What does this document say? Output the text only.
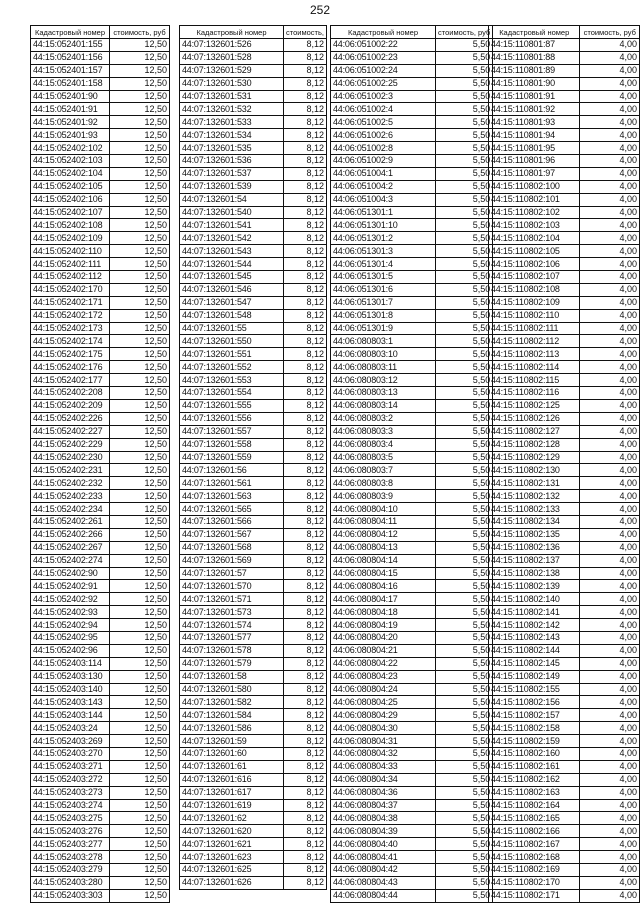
252
Кадастровый номер	стоимость, руб
44:15:052401:155	12,50
44:15:052401:156	12,50
44:15:052401:157	12,50
44:15:052401:158	12,50
44:15:052401:90	12,50
44:15:052401:91	12,50
44:15:052401:92	12,50
44:15:052401:93	12,50
44:15:052402:102	12,50
44:15:052402:103	12,50
44:15:052402:104	12,50
44:15:052402:105	12,50
44:15:052402:106	12,50
44:15:052402:107	12,50
44:15:052402:108	12,50
44:15:052402:109	12,50
44:15:052402:110	12,50
44:15:052402:111	12,50
44:15:052402:112	12,50
44:15:052402:170	12,50
44:15:052402:171	12,50
44:15:052402:172	12,50
44:15:052402:173	12,50
44:15:052402:174	12,50
44:15:052402:175	12,50
44:15:052402:176	12,50
44:15:052402:177	12,50
44:15:052402:208	12,50
44:15:052402:209	12,50
44:15:052402:226	12,50
44:15:052402:227	12,50
44:15:052402:229	12,50
44:15:052402:230	12,50
44:15:052402:231	12,50
44:15:052402:232	12,50
44:15:052402:233	12,50
44:15:052402:234	12,50
44:15:052402:261	12,50
44:15:052402:266	12,50
44:15:052402:267	12,50
44:15:052402:274	12,50
44:15:052402:90	12,50
44:15:052402:91	12,50
44:15:052402:92	12,50
44:15:052402:93	12,50
44:15:052402:94	12,50
44:15:052402:95	12,50
44:15:052402:96	12,50
44:15:052403:114	12,50
44:15:052403:130	12,50
44:15:052403:140	12,50
44:15:052403:143	12,50
44:15:052403:144	12,50
44:15:052403:24	12,50
44:15:052403:269	12,50
44:15:052403:270	12,50
44:15:052403:271	12,50
44:15:052403:272	12,50
44:15:052403:273	12,50
44:15:052403:274	12,50
44:15:052403:275	12,50
44:15:052403:276	12,50
44:15:052403:277	12,50
44:15:052403:278	12,50
44:15:052403:279	12,50
44:15:052403:280	12,50
44:15:052403:303	12,50
Кадастровый номер	стоимость,
44:07:132601:526	8,12
44:07:132601:528	8,12
44:07:132601:529	8,12
44:07:132601:530	8,12
44:07:132601:531	8,12
44:07:132601:532	8,12
44:07:132601:533	8,12
44:07:132601:534	8,12
44:07:132601:535	8,12
44:07:132601:536	8,12
44:07:132601:537	8,12
44:07:132601:539	8,12
44:07:132601:54	8,12
44:07:132601:540	8,12
44:07:132601:541	8,12
44:07:132601:542	8,12
44:07:132601:543	8,12
44:07:132601:544	8,12
44:07:132601:545	8,12
44:07:132601:546	8,12
44:07:132601:547	8,12
44:07:132601:548	8,12
44:07:132601:55	8,12
44:07:132601:550	8,12
44:07:132601:551	8,12
44:07:132601:552	8,12
44:07:132601:553	8,12
44:07:132601:554	8,12
44:07:132601:555	8,12
44:07:132601:556	8,12
44:07:132601:557	8,12
44:07:132601:558	8,12
44:07:132601:559	8,12
44:07:132601:56	8,12
44:07:132601:561	8,12
44:07:132601:563	8,12
44:07:132601:565	8,12
44:07:132601:566	8,12
44:07:132601:567	8,12
44:07:132601:568	8,12
44:07:132601:569	8,12
44:07:132601:57	8,12
44:07:132601:570	8,12
44:07:132601:571	8,12
44:07:132601:573	8,12
44:07:132601:574	8,12
44:07:132601:577	8,12
44:07:132601:578	8,12
44:07:132601:579	8,12
44:07:132601:58	8,12
44:07:132601:580	8,12
44:07:132601:582	8,12
44:07:132601:584	8,12
44:07:132601:586	8,12
44:07:132601:59	8,12
44:07:132601:60	8,12
44:07:132601:61	8,12
44:07:132601:616	8,12
44:07:132601:617	8,12
44:07:132601:619	8,12
44:07:132601:62	8,12
44:07:132601:620	8,12
44:07:132601:621	8,12
44:07:132601:623	8,12
44:07:132601:625	8,12
44:07:132601:626	8,12
Кадастровый номер	стоимость, руб
44:06:051002:22	5,50
44:06:051002:23	5,50
44:06:051002:24	5,50
44:06:051002:25	5,50
44:06:051002:3	5,50
44:06:051002:4	5,50
44:06:051002:5	5,50
44:06:051002:6	5,50
44:06:051002:8	5,50
44:06:051002:9	5,50
44:06:051004:1	5,50
44:06:051004:2	5,50
44:06:051004:3	5,50
44:06:051301:1	5,50
44:06:051301:10	5,50
44:06:051301:2	5,50
44:06:051301:3	5,50
44:06:051301:4	5,50
44:06:051301:5	5,50
44:06:051301:6	5,50
44:06:051301:7	5,50
44:06:051301:8	5,50
44:06:051301:9	5,50
44:06:080803:1	5,50
44:06:080803:10	5,50
44:06:080803:11	5,50
44:06:080803:12	5,50
44:06:080803:13	5,50
44:06:080803:14	5,50
44:06:080803:2	5,50
44:06:080803:3	5,50
44:06:080803:4	5,50
44:06:080803:5	5,50
44:06:080803:7	5,50
44:06:080803:8	5,50
44:06:080803:9	5,50
44:06:080804:10	5,50
44:06:080804:11	5,50
44:06:080804:12	5,50
44:06:080804:13	5,50
44:06:080804:14	5,50
44:06:080804:15	5,50
44:06:080804:16	5,50
44:06:080804:17	5,50
44:06:080804:18	5,50
44:06:080804:19	5,50
44:06:080804:20	5,50
44:06:080804:21	5,50
44:06:080804:22	5,50
44:06:080804:23	5,50
44:06:080804:24	5,50
44:06:080804:25	5,50
44:06:080804:29	5,50
44:06:080804:30	5,50
44:06:080804:31	5,50
44:06:080804:32	5,50
44:06:080804:33	5,50
44:06:080804:34	5,50
44:06:080804:36	5,50
44:06:080804:37	5,50
44:06:080804:38	5,50
44:06:080804:39	5,50
44:06:080804:40	5,50
44:06:080804:41	5,50
44:06:080804:42	5,50
44:06:080804:43	5,50
44:06:080804:44	5,50
Кадастровый номер	стоимость, руб
44:15:110801:87	4,00
44:15:110801:88	4,00
44:15:110801:89	4,00
44:15:110801:90	4,00
44:15:110801:91	4,00
44:15:110801:92	4,00
44:15:110801:93	4,00
44:15:110801:94	4,00
44:15:110801:95	4,00
44:15:110801:96	4,00
44:15:110801:97	4,00
44:15:110802:100	4,00
44:15:110802:101	4,00
44:15:110802:102	4,00
44:15:110802:103	4,00
44:15:110802:104	4,00
44:15:110802:105	4,00
44:15:110802:106	4,00
44:15:110802:107	4,00
44:15:110802:108	4,00
44:15:110802:109	4,00
44:15:110802:110	4,00
44:15:110802:111	4,00
44:15:110802:112	4,00
44:15:110802:113	4,00
44:15:110802:114	4,00
44:15:110802:115	4,00
44:15:110802:116	4,00
44:15:110802:125	4,00
44:15:110802:126	4,00
44:15:110802:127	4,00
44:15:110802:128	4,00
44:15:110802:129	4,00
44:15:110802:130	4,00
44:15:110802:131	4,00
44:15:110802:132	4,00
44:15:110802:133	4,00
44:15:110802:134	4,00
44:15:110802:135	4,00
44:15:110802:136	4,00
44:15:110802:137	4,00
44:15:110802:138	4,00
44:15:110802:139	4,00
44:15:110802:140	4,00
44:15:110802:141	4,00
44:15:110802:142	4,00
44:15:110802:143	4,00
44:15:110802:144	4,00
44:15:110802:145	4,00
44:15:110802:149	4,00
44:15:110802:155	4,00
44:15:110802:156	4,00
44:15:110802:157	4,00
44:15:110802:158	4,00
44:15:110802:159	4,00
44:15:110802:160	4,00
44:15:110802:161	4,00
44:15:110802:162	4,00
44:15:110802:163	4,00
44:15:110802:164	4,00
44:15:110802:165	4,00
44:15:110802:166	4,00
44:15:110802:167	4,00
44:15:110802:168	4,00
44:15:110802:169	4,00
44:15:110802:170	4,00
44:15:110802:171	4,00
